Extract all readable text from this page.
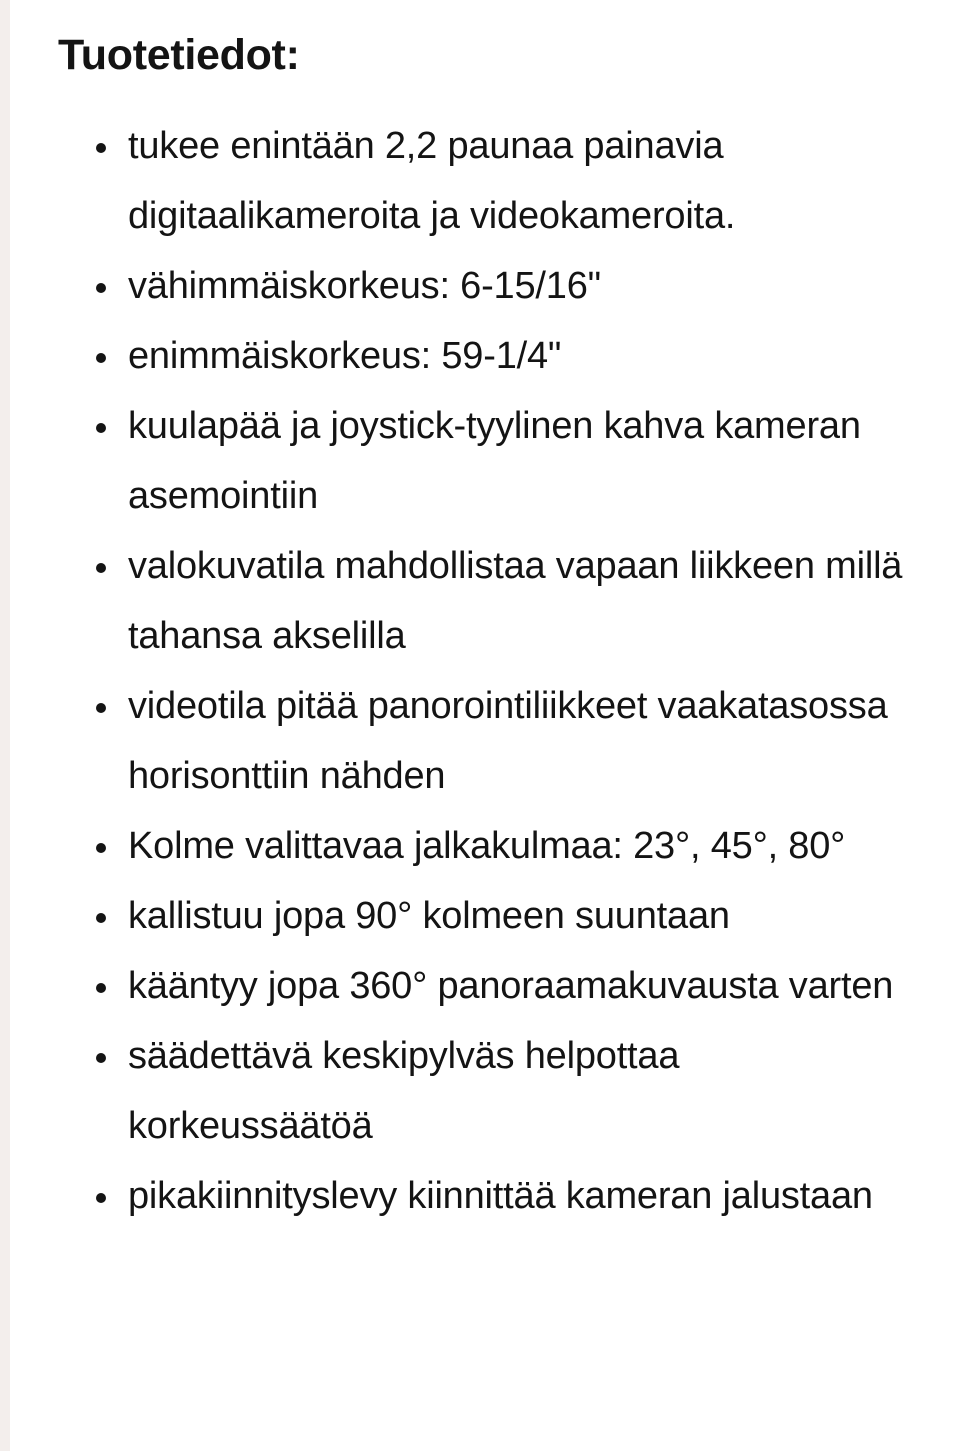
Tuotetiedot:
tukee enintään 2,2 paunaa painavia digitaalikameroita ja videokameroita.
vähimmäiskorkeus: 6-15/16"
enimmäiskorkeus: 59-1/4"
kuulapää ja joystick-tyylinen kahva kameran asemointiin
valokuvatila mahdollistaa vapaan liikkeen millä tahansa akselilla
videotila pitää panorointiliikkeet vaakatasossa horisonttiin nähden
Kolme valittavaa jalkakulmaa: 23°, 45°, 80°
kallistuu jopa 90° kolmeen suuntaan
kääntyy jopa 360° panoraamakuvausta varten
säädettävä keskipylväs helpottaa korkeussäätöä
pikakiinnityslevy kiinnittää kameran jalustaan
